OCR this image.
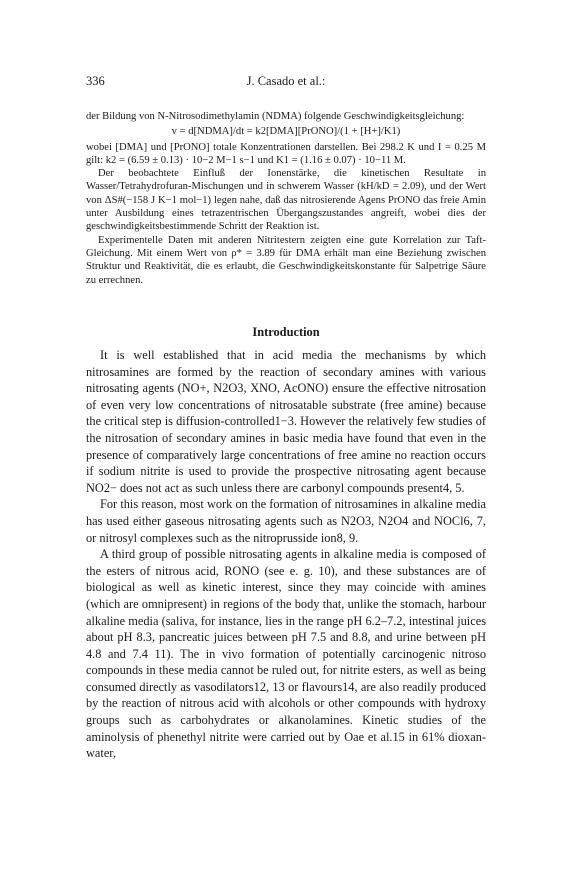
336	J. Casado et al.:

der Bildung von N-Nitrosodimethylamin (NDMA) folgende Geschwindigkeitsgleichung:

v = d[NDMA]/dt = k2[DMA][PrONO]/(1 + [H+]/K1)

wobei [DMA] und [PrONO] totale Konzentrationen darstellen. Bei 298.2 K und I = 0.25 M gilt: k2 = (6.59 ± 0.13) · 10−2 M−1 s−1 und K1 = (1.16 ± 0.07) · 10−11 M.

Der beobachtete Einfluß der Ionenstärke, die kinetischen Resultate in Wasser/Tetrahydrofuran-Mischungen und in schwerem Wasser (kH/kD = 2.09), und der Wert von ΔS#(−158 J K−1 mol−1) legen nahe, daß das nitrosierende Agens PrONO das freie Amin unter Ausbildung eines tetrazentrischen Übergangszustandes angreift, wobei dies der geschwindigkeitsbestimmende Schritt der Reaktion ist.

Experimentelle Daten mit anderen Nitritestern zeigten eine gute Korrelation zur Taft-Gleichung. Mit einem Wert von ρ* = 3.89 für DMA erhält man eine Beziehung zwischen Struktur und Reaktivität, die es erlaubt, die Geschwindigkeitskonstante für Salpetrige Säure zu errechnen.

Introduction

It is well established that in acid media the mechanisms by which nitrosamines are formed by the reaction of secondary amines with various nitrosating agents (NO+, N2O3, XNO, AcONO) ensure the effective nitrosation of even very low concentrations of nitrosatable substrate (free amine) because the critical step is diffusion-controlled1−3. However the relatively few studies of the nitrosation of secondary amines in basic media have found that even in the presence of comparatively large concentrations of free amine no reaction occurs if sodium nitrite is used to provide the prospective nitrosating agent because NO2− does not act as such unless there are carbonyl compounds present4, 5.

For this reason, most work on the formation of nitrosamines in alkaline media has used either gaseous nitrosating agents such as N2O3, N2O4 and NOCl6, 7, or nitrosyl complexes such as the nitroprusside ion8, 9.

A third group of possible nitrosating agents in alkaline media is composed of the esters of nitrous acid, RONO (see e. g. 10), and these substances are of biological as well as kinetic interest, since they may coincide with amines (which are omnipresent) in regions of the body that, unlike the stomach, harbour alkaline media (saliva, for instance, lies in the range pH 6.2–7.2, intestinal juices about pH 8.3, pancreatic juices between pH 7.5 and 8.8, and urine between pH 4.8 and 7.4 11). The in vivo formation of potentially carcinogenic nitroso compounds in these media cannot be ruled out, for nitrite esters, as well as being consumed directly as vasodilators12, 13 or flavours14, are also readily produced by the reaction of nitrous acid with alcohols or other compounds with hydroxy groups such as carbohydrates or alkanolamines. Kinetic studies of the aminolysis of phenethyl nitrite were carried out by Oae et al.15 in 61% dioxan-water,
